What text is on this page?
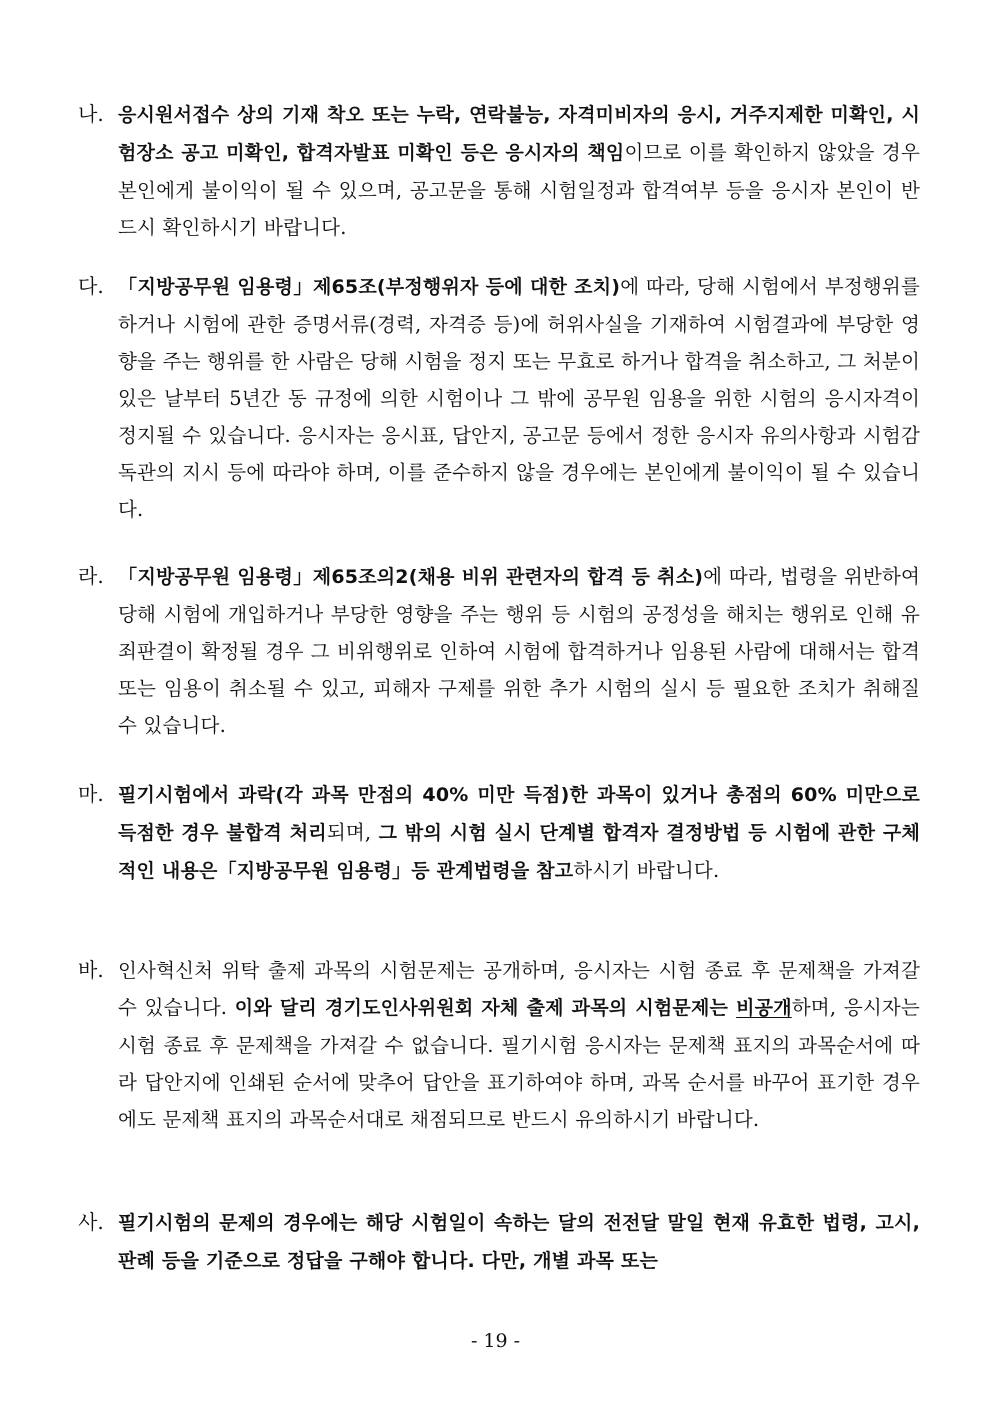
나. 응시원서접수 상의 기재 착오 또는 누락, 연락불능, 자격미비자의 응시, 거주지제한 미확인, 시험장소 공고 미확인, 합격자발표 미확인 등은 응시자의 책임이므로 이를 확인하지 않았을 경우 본인에게 불이익이 될 수 있으며, 공고문을 통해 시험일정과 합격여부 등을 응시자 본인이 반드시 확인하시기 바랍니다.
다. 「지방공무원 임용령」제65조(부정행위자 등에 대한 조치)에 따라, 당해 시험에서 부정행위를 하거나 시험에 관한 증명서류(경력, 자격증 등)에 허위사실을 기재하여 시험결과에 부당한 영향을 주는 행위를 한 사람은 당해 시험을 정지 또는 무효로 하거나 합격을 취소하고, 그 처분이 있은 날부터 5년간 동 규정에 의한 시험이나 그 밖에 공무원 임용을 위한 시험의 응시자격이 정지될 수 있습니다. 응시자는 응시표, 답안지, 공고문 등에서 정한 응시자 유의사항과 시험감독관의 지시 등에 따라야 하며, 이를 준수하지 않을 경우에는 본인에게 불이익이 될 수 있습니다.
라. 「지방공무원 임용령」제65조의2(채용 비위 관련자의 합격 등 취소)에 따라, 법령을 위반하여 당해 시험에 개입하거나 부당한 영향을 주는 행위 등 시험의 공정성을 해치는 행위로 인해 유죄판결이 확정될 경우 그 비위행위로 인하여 시험에 합격하거나 임용된 사람에 대해서는 합격 또는 임용이 취소될 수 있고, 피해자 구제를 위한 추가 시험의 실시 등 필요한 조치가 취해질 수 있습니다.
마. 필기시험에서 과락(각 과목 만점의 40% 미만 득점)한 과목이 있거나 총점의 60% 미만으로 득점한 경우 불합격 처리되며, 그 밖의 시험 실시 단계별 합격자 결정방법 등 시험에 관한 구체적인 내용은「지방공무원 임용령」등 관계법령을 참고하시기 바랍니다.
바. 인사혁신처 위탁 출제 과목의 시험문제는 공개하며, 응시자는 시험 종료 후 문제책을 가져갈 수 있습니다. 이와 달리 경기도인사위원회 자체 출제 과목의 시험문제는 비공개하며, 응시자는 시험 종료 후 문제책을 가져갈 수 없습니다. 필기시험 응시자는 문제책 표지의 과목순서에 따라 답안지에 인쇄된 순서에 맞추어 답안을 표기하여야 하며, 과목 순서를 바꾸어 표기한 경우에도 문제책 표지의 과목순서대로 채점되므로 반드시 유의하시기 바랍니다.
사. 필기시험의 문제의 경우에는 해당 시험일이 속하는 달의 전전달 말일 현재 유효한 법령, 고시, 판례 등을 기준으로 정답을 구해야 합니다. 다만, 개별 과목 또는
- 19 -
